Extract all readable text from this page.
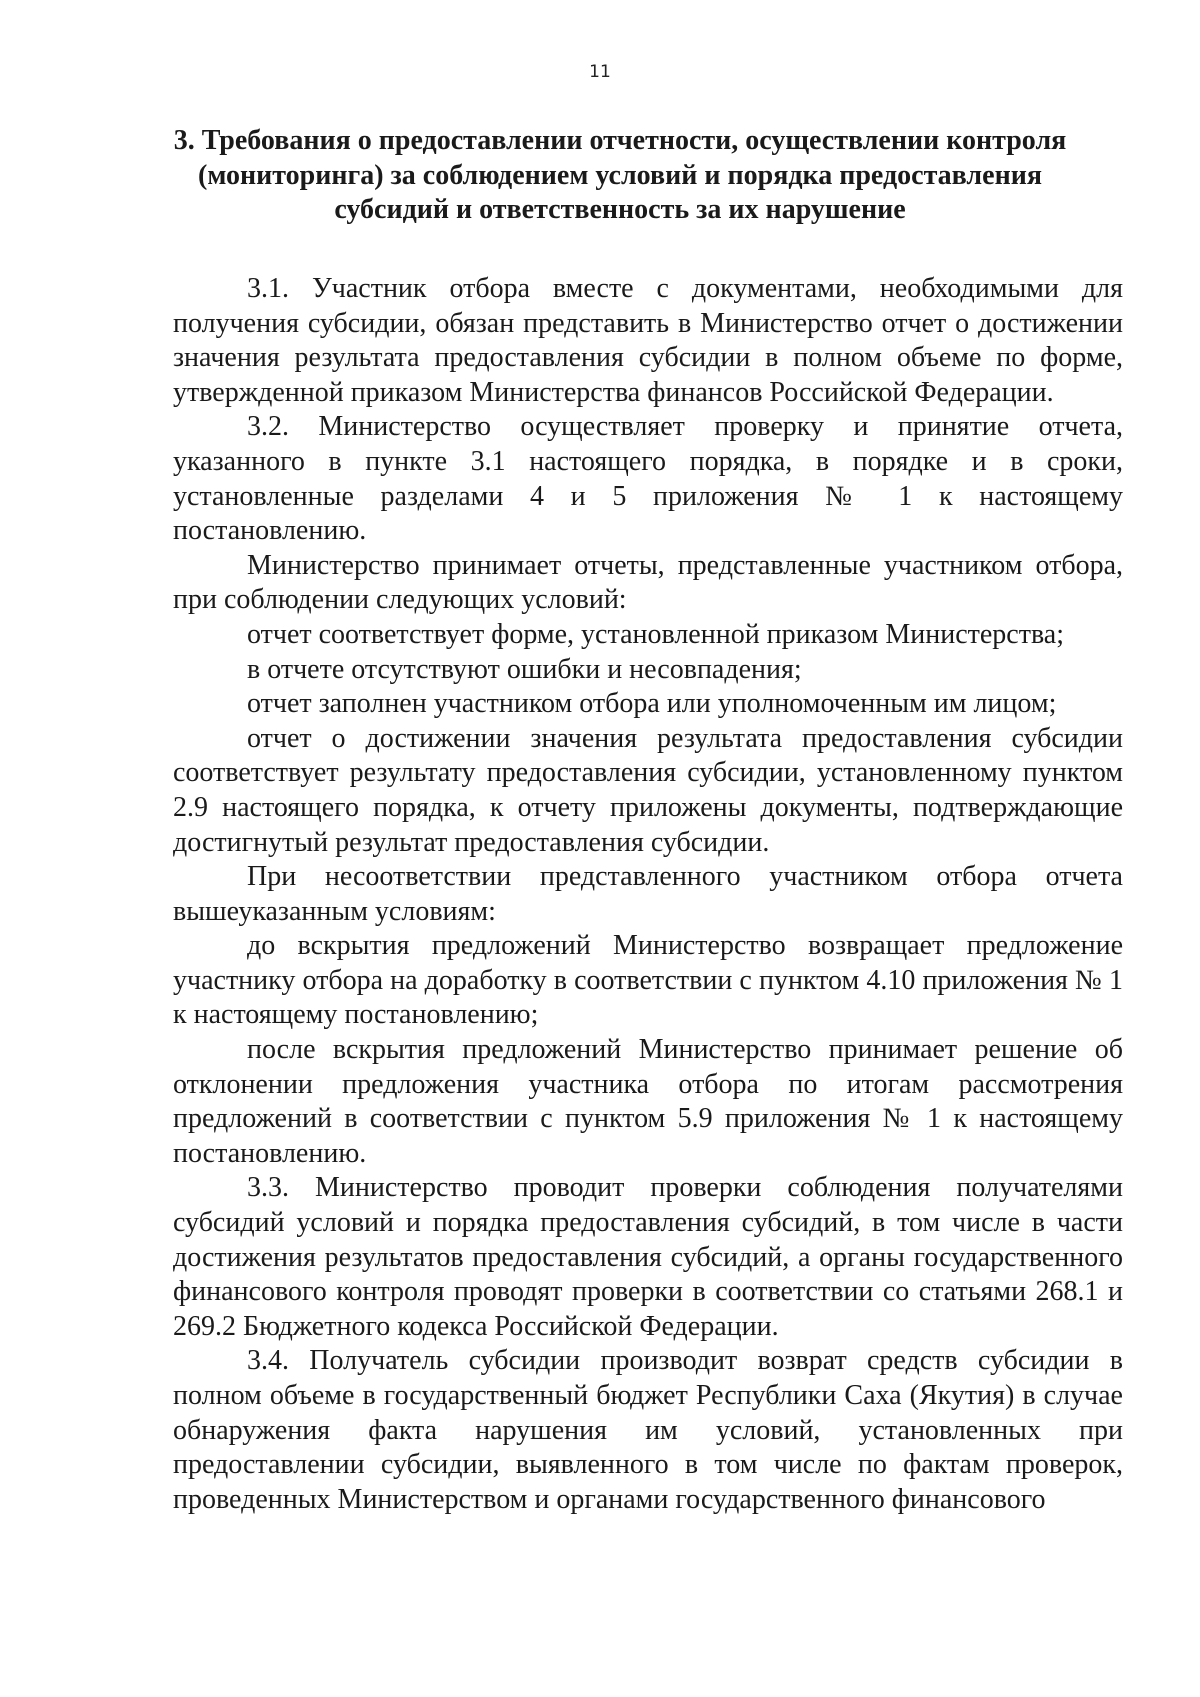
11
3. Требования о предоставлении отчетности, осуществлении контроля (мониторинга) за соблюдением условий и порядка предоставления субсидий и ответственность за их нарушение

3.1. Участник отбора вместе с документами, необходимыми для получения субсидии, обязан представить в Министерство отчет о достижении значения результата предоставления субсидии в полном объеме по форме, утвержденной приказом Министерства финансов Российской Федерации.

3.2. Министерство осуществляет проверку и принятие отчета, указанного в пункте 3.1 настоящего порядка, в порядке и в сроки, установленные разделами 4 и 5 приложения № 1 к настоящему постановлению.

Министерство принимает отчеты, представленные участником отбора, при соблюдении следующих условий:

отчет соответствует форме, установленной приказом Министерства;

в отчете отсутствуют ошибки и несовпадения;

отчет заполнен участником отбора или уполномоченным им лицом;

отчет о достижении значения результата предоставления субсидии соответствует результату предоставления субсидии, установленному пунктом 2.9 настоящего порядка, к отчету приложены документы, подтверждающие достигнутый результат предоставления субсидии.

При несоответствии представленного участником отбора отчета вышеуказанным условиям:

до вскрытия предложений Министерство возвращает предложение участнику отбора на доработку в соответствии с пунктом 4.10 приложения № 1 к настоящему постановлению;

после вскрытия предложений Министерство принимает решение об отклонении предложения участника отбора по итогам рассмотрения предложений в соответствии с пунктом 5.9 приложения № 1 к настоящему постановлению.

3.3. Министерство проводит проверки соблюдения получателями субсидий условий и порядка предоставления субсидий, в том числе в части достижения результатов предоставления субсидий, а органы государственного финансового контроля проводят проверки в соответствии со статьями 268.1 и 269.2 Бюджетного кодекса Российской Федерации.

3.4. Получатель субсидии производит возврат средств субсидии в полном объеме в государственный бюджет Республики Саха (Якутия) в случае обнаружения факта нарушения им условий, установленных при предоставлении субсидии, выявленного в том числе по фактам проверок, проведенных Министерством и органами государственного финансового
